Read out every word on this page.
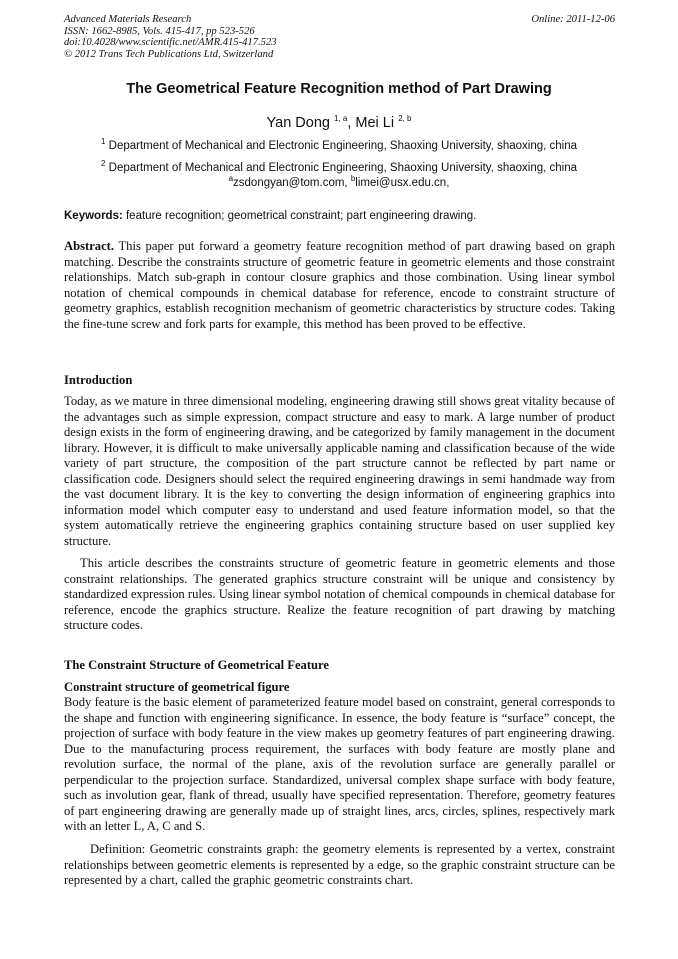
Advanced Materials Research
ISSN: 1662-8985, Vols. 415-417, pp 523-526
doi:10.4028/www.scientific.net/AMR.415-417.523
© 2012 Trans Tech Publications Ltd, Switzerland
Online: 2011-12-06
The Geometrical Feature Recognition method of Part Drawing
Yan Dong $^{1, a}$, Mei Li $^{2, b}$
$^1$ Department of Mechanical and Electronic Engineering, Shaoxing University, shaoxing, china
$^2$ Department of Mechanical and Electronic Engineering, Shaoxing University, shaoxing, china
$^a$zsdongyan@tom.com, $^b$limei@usx.edu.cn,
Keywords: feature recognition; geometrical constraint; part engineering drawing.
Abstract. This paper put forward a geometry feature recognition method of part drawing based on graph matching. Describe the constraints structure of geometric feature in geometric elements and those constraint relationships. Match sub-graph in contour closure graphics and those combination. Using linear symbol notation of chemical compounds in chemical database for reference, encode to constraint structure of geometry graphics, establish recognition mechanism of geometric characteristics by structure codes. Taking the fine-tune screw and fork parts for example, this method has been proved to be effective.
Introduction
Today, as we mature in three dimensional modeling, engineering drawing still shows great vitality because of the advantages such as simple expression, compact structure and easy to mark. A large number of product design exists in the form of engineering drawing, and be categorized by family management in the document library. However, it is difficult to make universally applicable naming and classification because of the wide variety of part structure, the composition of the part structure cannot be reflected by part name or classification code. Designers should select the required engineering drawings in semi handmade way from the vast document library. It is the key to converting the design information of engineering graphics into information model which computer easy to understand and used feature information model, so that the system automatically retrieve the engineering graphics containing structure based on user supplied key structure.
This article describes the constraints structure of geometric feature in geometric elements and those constraint relationships. The generated graphics structure constraint will be unique and consistency by standardized expression rules. Using linear symbol notation of chemical compounds in chemical database for reference, encode the graphics structure. Realize the feature recognition of part drawing by matching structure codes.
The Constraint Structure of Geometrical Feature
Constraint structure of geometrical figure
Body feature is the basic element of parameterized feature model based on constraint, general corresponds to the shape and function with engineering significance. In essence, the body feature is “surface” concept, the projection of surface with body feature in the view makes up geometry features of part engineering drawing. Due to the manufacturing process requirement, the surfaces with body feature are mostly plane and revolution surface, the normal of the plane, axis of the revolution surface are generally parallel or perpendicular to the projection surface. Standardized, universal complex shape surface with body feature, such as involution gear, flank of thread, usually have specified representation. Therefore, geometry features of part engineering drawing are generally made up of straight lines, arcs, circles, splines, respectively mark with an letter L, A, C and S.
Definition: Geometric constraints graph: the geometry elements is represented by a vertex, constraint relationships between geometric elements is represented by a edge, so the graphic constraint structure can be represented by a chart, called the graphic geometric constraints chart.
